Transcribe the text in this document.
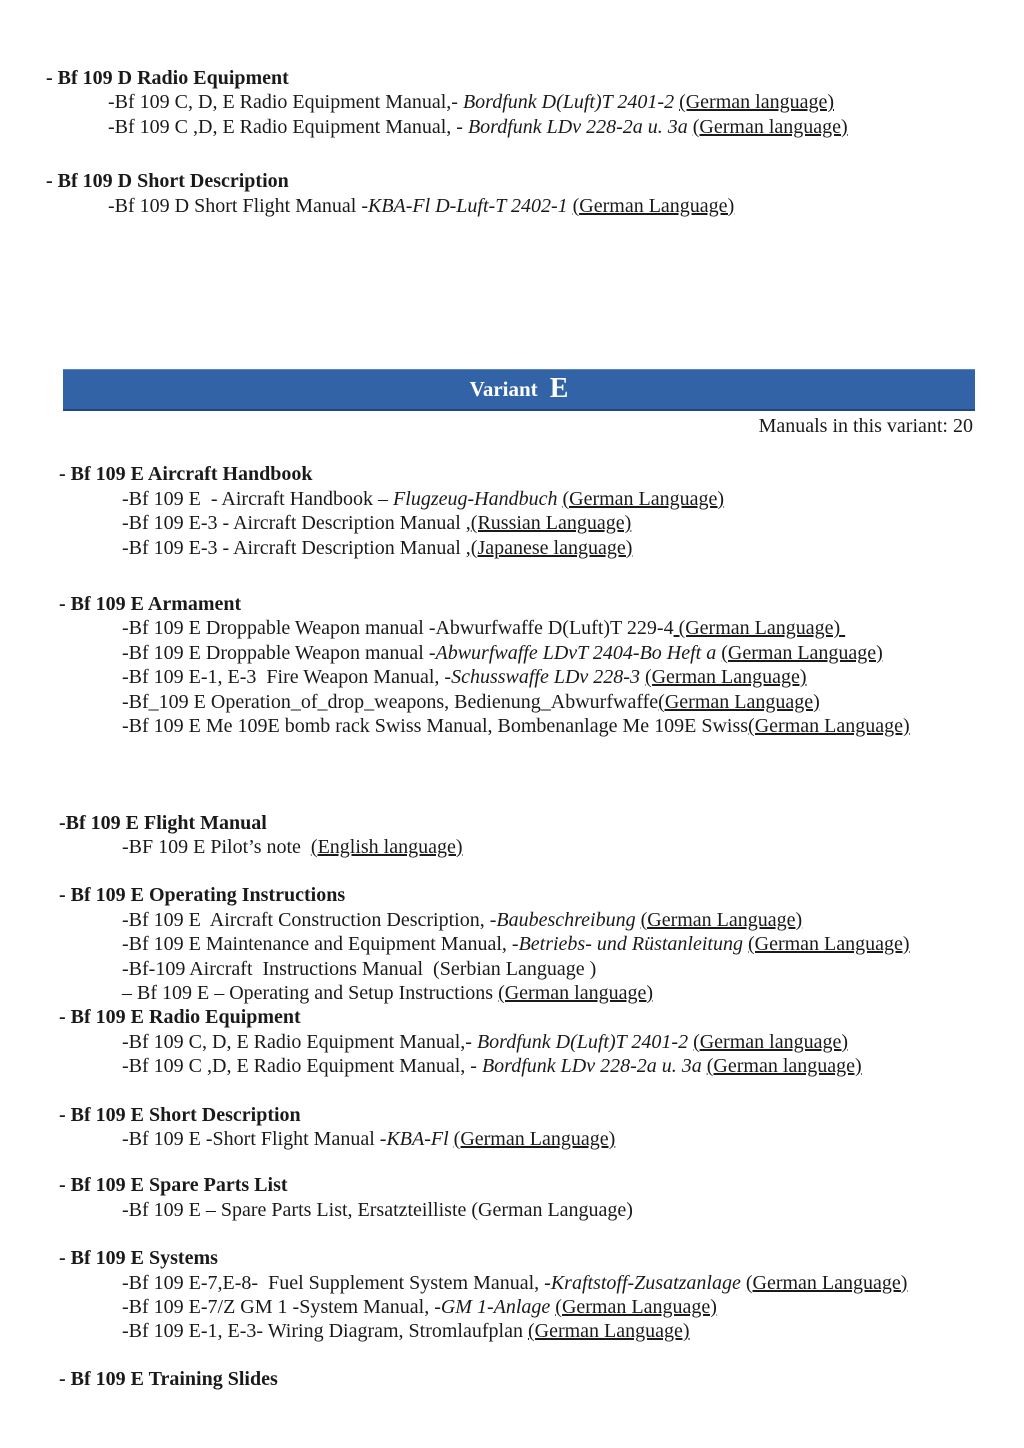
- Bf 109 D Radio Equipment
-Bf 109 C, D, E Radio Equipment Manual,- Bordfunk D(Luft)T 2401-2 (German language)
-Bf 109 C ,D, E Radio Equipment Manual, - Bordfunk LDv 228-2a u. 3a (German language)
- Bf 109 D Short Description
-Bf 109 D Short Flight Manual -KBA-Fl D-Luft-T 2402-1 (German Language)
Variant E
Manuals in this variant: 20
- Bf 109 E Aircraft Handbook
-Bf 109 E  - Aircraft Handbook – Flugzeug-Handbuch (German Language)
-Bf 109 E-3 - Aircraft Description Manual ,(Russian Language)
-Bf 109 E-3 - Aircraft Description Manual ,(Japanese language)
- Bf 109 E Armament
-Bf 109 E Droppable Weapon manual -Abwurfwaffe D(Luft)T 229-4 (German Language)
-Bf 109 E Droppable Weapon manual -Abwurfwaffe LDvT 2404-Bo Heft a (German Language)
-Bf 109 E-1, E-3  Fire Weapon Manual, -Schusswaffe LDv 228-3 (German Language)
-Bf_109 E Operation_of_drop_weapons, Bedienung_Abwurfwaffe(German Language)
-Bf 109 E Me 109E bomb rack Swiss Manual, Bombenanlage Me 109E Swiss(German Language)
-Bf 109 E Flight Manual
-BF 109 E Pilot’s note  (English language)
- Bf 109 E Operating Instructions
-Bf 109 E  Aircraft Construction Description, -Baubeschreibung (German Language)
-Bf 109 E Maintenance and Equipment Manual, -Betriebs- und Rüstanleitung (German Language)
-Bf-109 Aircraft  Instructions Manual  (Serbian Language )
– Bf 109 E – Operating and Setup Instructions (German language)
- Bf 109 E Radio Equipment
-Bf 109 C, D, E Radio Equipment Manual,- Bordfunk D(Luft)T 2401-2 (German language)
-Bf 109 C ,D, E Radio Equipment Manual, - Bordfunk LDv 228-2a u. 3a (German language)
- Bf 109 E Short Description
-Bf 109 E -Short Flight Manual -KBA-Fl (German Language)
- Bf 109 E Spare Parts List
-Bf 109 E – Spare Parts List, Ersatzteilliste (German Language)
- Bf 109 E Systems
-Bf 109 E-7,E-8-  Fuel Supplement System Manual, -Kraftstoff-Zusatzanlage (German Language)
-Bf 109 E-7/Z GM 1 -System Manual, -GM 1-Anlage (German Language)
-Bf 109 E-1, E-3- Wiring Diagram, Stromlaufplan (German Language)
- Bf 109 E Training Slides
